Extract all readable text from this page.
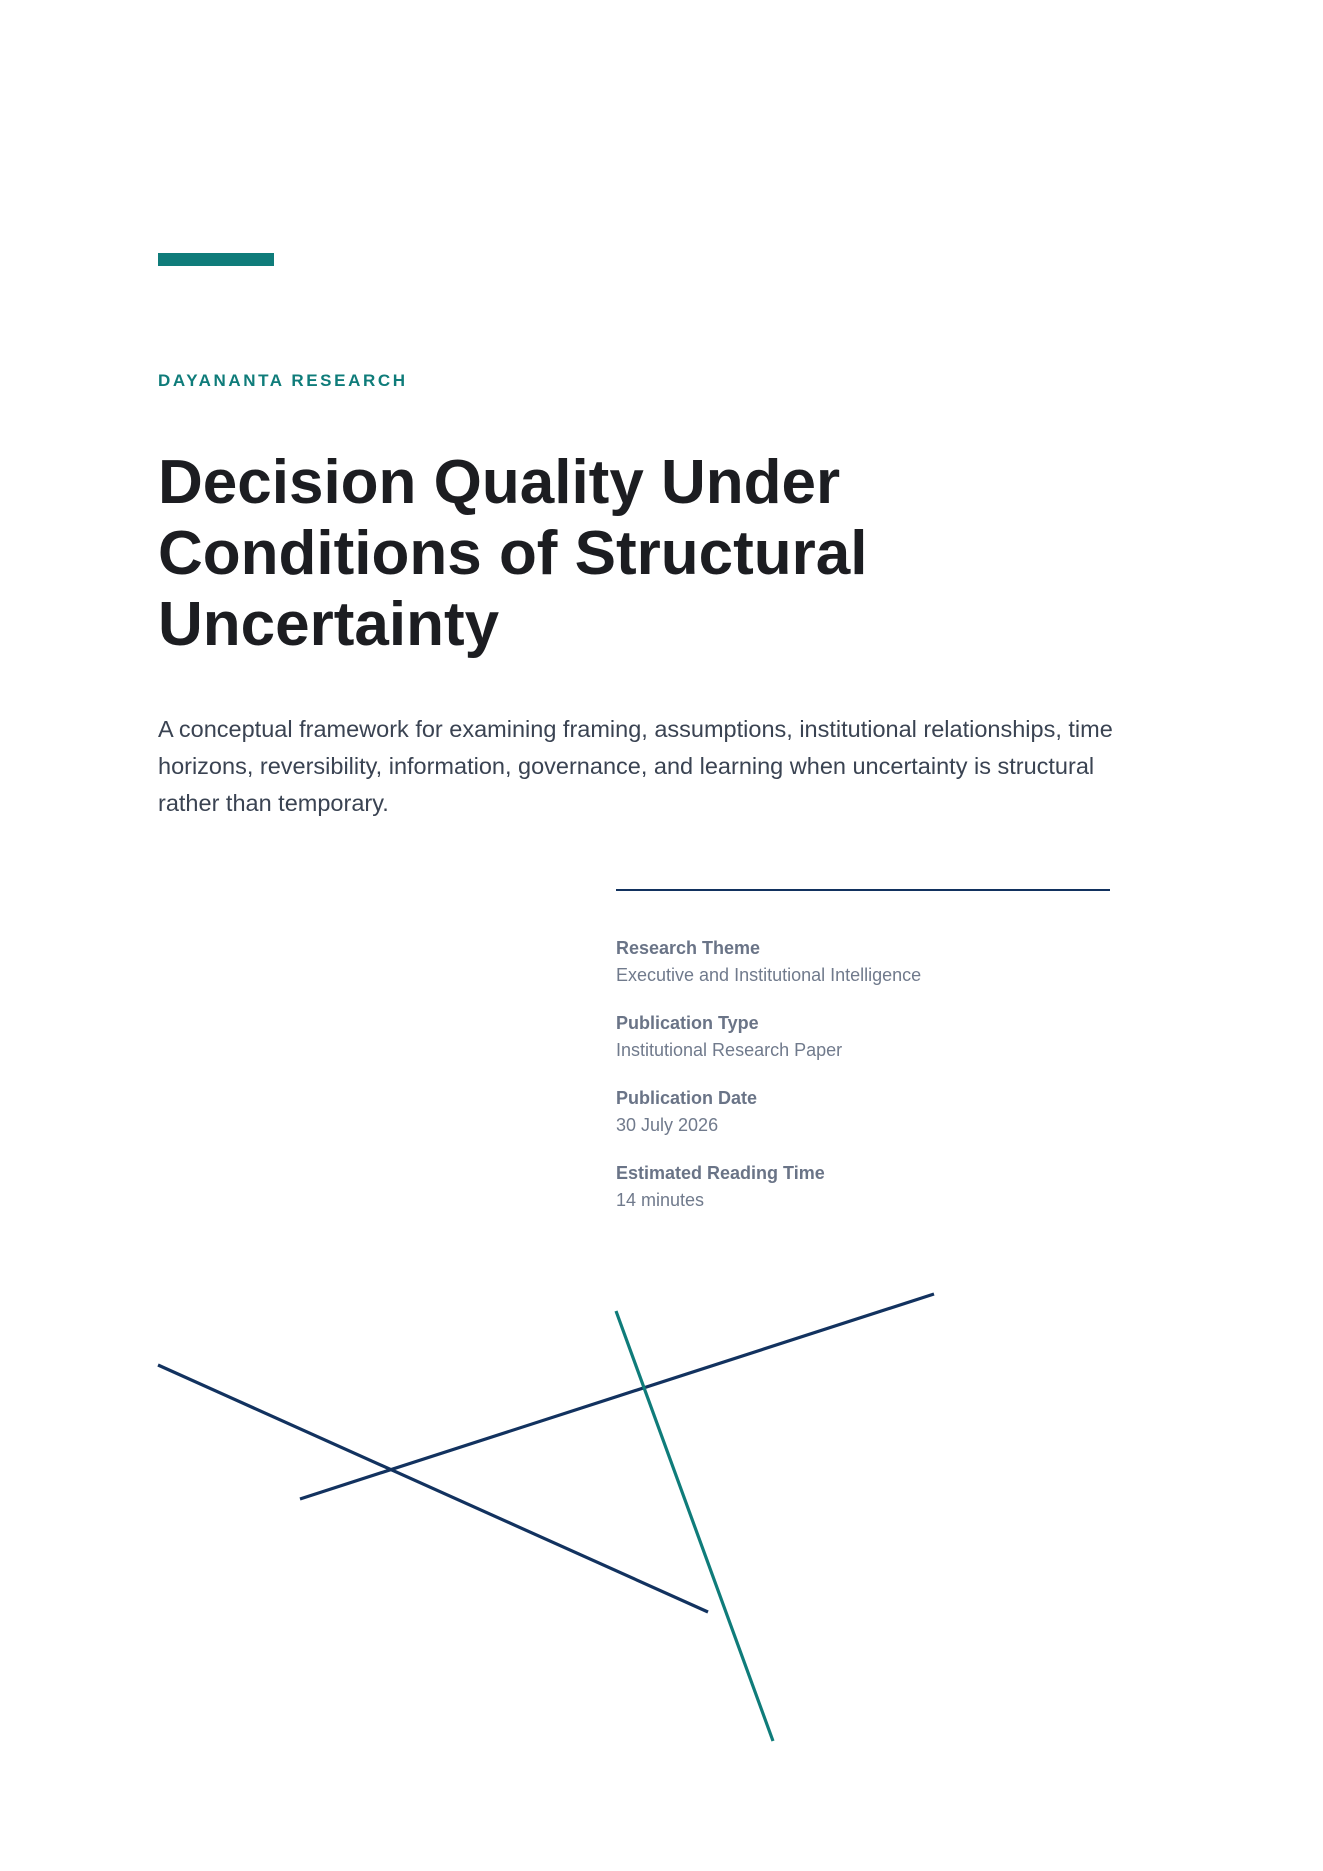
DAYANANTA RESEARCH
Decision Quality Under Conditions of Structural Uncertainty

A conceptual framework for examining framing, assumptions, institutional relationships, time horizons, reversibility, information, governance, and learning when uncertainty is structural rather than temporary.

Research Theme
Executive and Institutional Intelligence
Publication Type
Institutional Research Paper
Publication Date
30 July 2026
Estimated Reading Time
14 minutes
